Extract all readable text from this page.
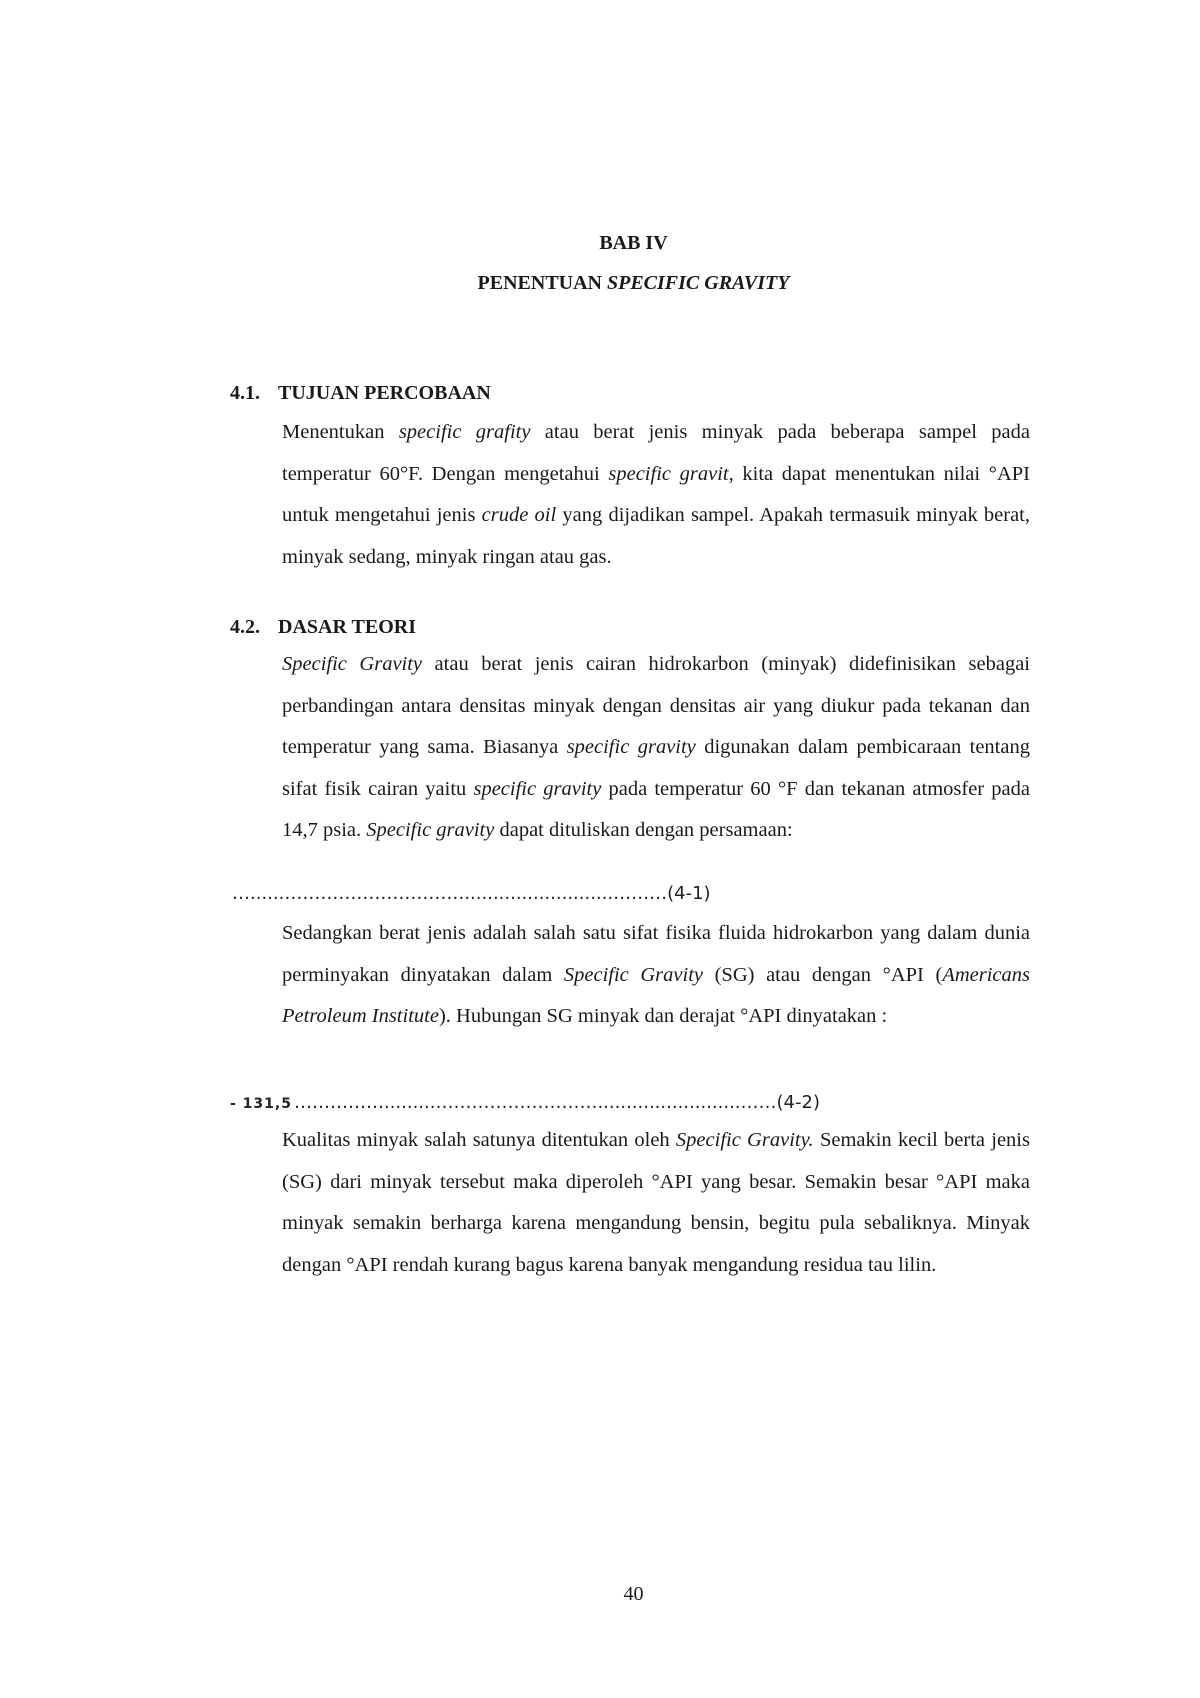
BAB IV
PENENTUAN SPECIFIC GRAVITY
4.1. TUJUAN PERCOBAAN
Menentukan specific grafity atau berat jenis minyak pada beberapa sampel pada temperatur 60°F. Dengan mengetahui specific gravit, kita dapat menentukan nilai °API untuk mengetahui jenis crude oil yang dijadikan sampel. Apakah termasuik minyak berat, minyak sedang, minyak ringan atau gas.
4.2. DASAR TEORI
Specific Gravity atau berat jenis cairan hidrokarbon (minyak) didefinisikan sebagai perbandingan antara densitas minyak dengan densitas air yang diukur pada tekanan dan temperatur yang sama. Biasanya specific gravity digunakan dalam pembicaraan tentang sifat fisik cairan yaitu specific gravity pada temperatur 60 °F dan tekanan atmosfer pada 14,7 psia. Specific gravity dapat dituliskan dengan persamaan:
…......…………………………..........................………(4-1)
Sedangkan berat jenis adalah salah satu sifat fisika fluida hidrokarbon yang dalam dunia perminyakan dinyatakan dalam Specific Gravity (SG) atau dengan °API (Americans Petroleum Institute). Hubungan SG minyak dan derajat °API dinyatakan :
- 131,5 …………….........……………………….........................……(4-2)
Kualitas minyak salah satunya ditentukan oleh Specific Gravity. Semakin kecil berta jenis (SG) dari minyak tersebut maka diperoleh °API yang besar. Semakin besar °API maka minyak semakin berharga karena mengandung bensin, begitu pula sebaliknya. Minyak dengan °API rendah kurang bagus karena banyak mengandung residua tau lilin.
40
